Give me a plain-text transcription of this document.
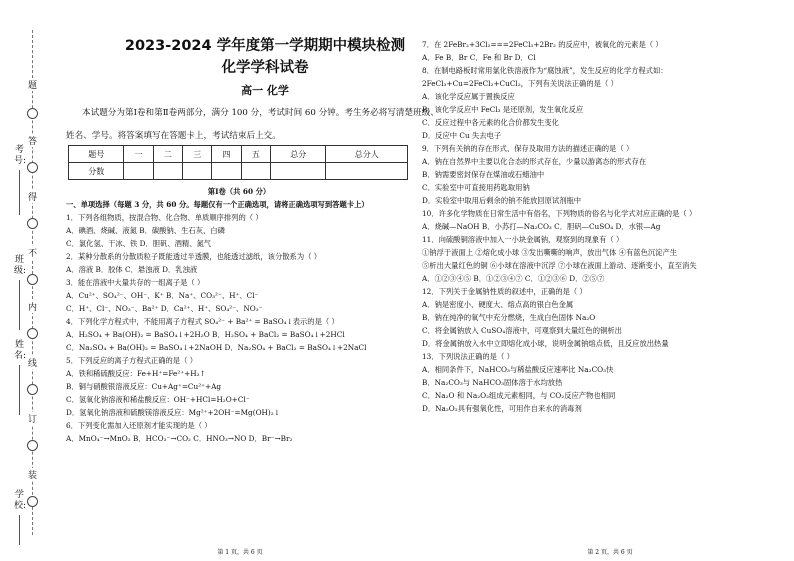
考号:
班级:
姓名:
学校:
题
答
得
不
内
线
订
装
2023-2024 学年度第一学期期中模块检测
化学学科试卷
高一 化学
本试题分为第Ⅰ卷和第Ⅱ卷两部分，满分 100 分，考试时间 60 分钟。考生务必将写清楚班级、
姓名、学号。将答案填写在答题卡上，考试结束后上交。
题号	一	二	三	四	五	总分	总分人
分数							
第Ⅰ卷（共 60 分）
一、单项选择（每题 3 分，共 60 分。每题仅有一个正确选项，请将正确选项写到答题卡上）
1．下列各组物质，按混合物、化合物、单质顺序排列的（ ）
A．碘酒、烧碱、液氮 B．碳酸钠、生石灰、白磷
C．氯化氢、干冰、铁 D．胆矾、酒精、氮气
2．某种分散系的分散质粒子既能透过半透膜，也能透过滤纸，该分散系为（ ）
A．溶液 B．胶体 C．悬浊液 D．乳浊液
3．能在溶液中大量共存的一组离子是（ ）
A．Cu²⁺、SO₄²⁻、OH⁻、K⁺ B．Na⁺、CO₃²⁻、H⁺、Cl⁻
C．H⁺、Cl⁻、NO₃⁻、Ba²⁺ D．Ca²⁺、H⁺、SO₄²⁻、NO₃⁻
4．下列化学方程式中，不能用离子方程式 SO₄²⁻ + Ba²⁺ = BaSO₄↓表示的是（ ）
A．H₂SO₄ + Ba(OH)₂ = BaSO₄↓+2H₂O B．H₂SO₄ + BaCl₂ = BaSO₄↓+2HCl
C．Na₂SO₄ + Ba(OH)₂ = BaSO₄↓+2NaOH D．Na₂SO₄ + BaCl₂ = BaSO₄↓+2NaCl
5．下列反应的离子方程式正确的是（ ）
A．铁和稀硫酸反应：Fe+H⁺=Fe²⁺+H₂↑
B．铜与硝酸银溶液反应：Cu+Ag⁺=Cu²⁺+Ag
C．氢氧化钠溶液和稀盐酸反应：OH⁻+HCl=H₂O+Cl⁻
D．氢氧化钠溶液和硫酸镁溶液反应：Mg²⁺+2OH⁻=Mg(OH)₂↓
6．下列变化需加入还原剂才能实现的是（ ）
A．MnO₄⁻→MnO₂ B．HCO₃⁻→CO₂ C．HNO₃→NO D．Br⁻→Br₂
7．在 2FeBr₂+3Cl₂===2FeCl₃+2Br₂ 的反应中，被氧化的元素是（ ）
A．Fe B．Br C．Fe 和 Br D．Cl
8．在制电路板时常用氯化铁溶液作为“腐蚀液”，发生反应的化学方程式如：
2FeCl₃+Cu=2FeCl₂+CuCl₂，下列有关说法正确的是（ ）
A．该化学反应属于置换反应
B．该化学反应中 FeCl₃ 是还原剂，发生氧化反应
C．反应过程中各元素的化合价都发生变化
D．反应中 Cu 失去电子
9．下列有关钠的存在形式、保存及取用方法的描述正确的是（ ）
A．钠在自然界中主要以化合态的形式存在，少量以游离态的形式存在
B．钠需要密封保存在煤油或石蜡油中
C．实验室中可直接用药匙取用钠
D．实验室中取用后剩余的钠不能放回原试剂瓶中
10．许多化学物质在日常生活中有俗名，下列物质的俗名与化学式对应正确的是（ ）
A．烧碱—NaOH B．小苏打—Na₂CO₃ C．胆矾—CuSO₄ D．水银—Ag
11．向硫酸铜溶液中加入一小块金属钠，观察到的现象有（ ）
①钠浮于液面上 ②熔化成小球 ③发出嘶嘶的响声，放出气体 ④有蓝色沉淀产生
⑤析出大量红色的铜 ⑥小球在溶液中沉浮 ⑦小球在液面上游动、逐渐变小，直至消失
A．①②③④⑤ B．①②③④⑦ C．①②③⑥ D．②⑤⑦
12．下列关于金属钠性质的叙述中，正确的是（ ）
A．钠是密度小、硬度大、熔点高的银白色金属
B．钠在纯净的氧气中充分燃烧，生成白色固体 Na₂O
C．将金属钠放入 CuSO₄溶液中，可观察到大量红色的铜析出
D．将金属钠放入水中立即熔化成小球，说明金属钠熔点低，且反应放出热量
13．下列说法正确的是（ ）
A．相同条件下，NaHCO₃与稀盐酸反应速率比 Na₂CO₃快
B．Na₂CO₃与 NaHCO₃固体溶于水均放热
C．Na₂O 和 Na₂O₂组成元素相同，与 CO₂反应产物也相同
D．Na₂O₂具有强氧化性，可用作自来水的消毒剂
第 1 页，共 6 页	第 2 页，共 6 页
